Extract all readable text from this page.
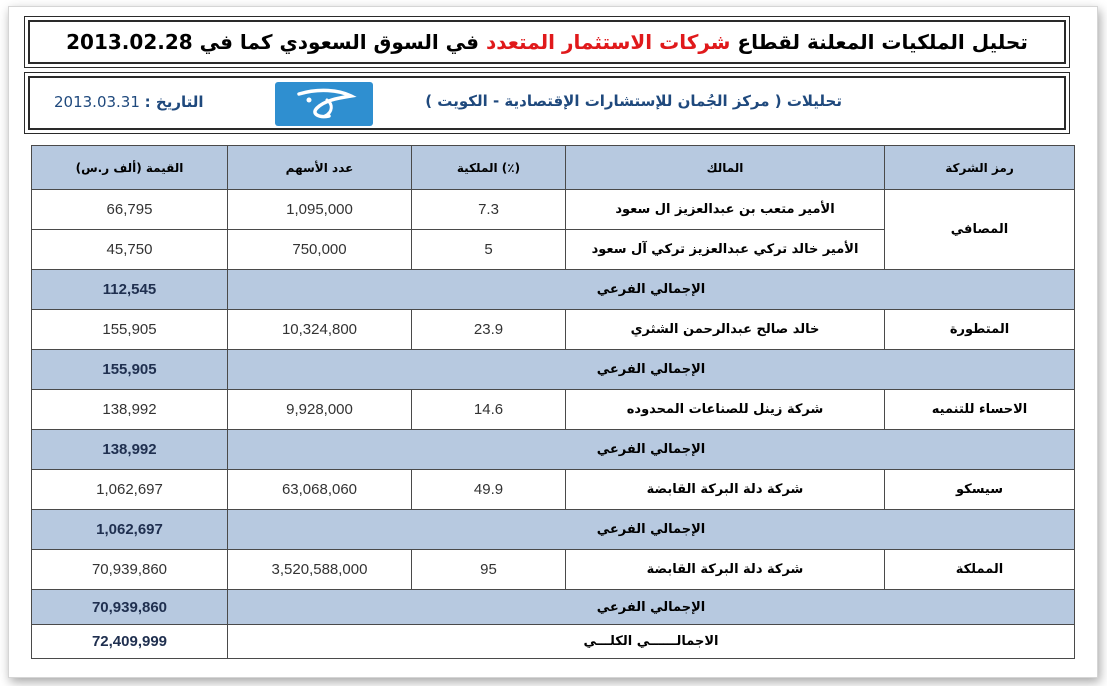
تحليل الملكيات المعلنة لقطاع شركات الاستثمار المتعدد في السوق السعودي كما في 2013.02.28
تحليلات ( مركز الجُمان للإستشارات الإقتصادية - الكويت )
التاريخ : 2013.03.31
القيمة (ألف ر.س)	عدد الأسهم	الملكية (٪)	المالك	رمز الشركة
66,795	1,095,000	7.3	الأمير متعب بن عبدالعزيز ال سعود	المصافي
45,750	750,000	5	الأمير خالد تركي عبدالعزيز تركي آل سعود	
112,545	الإجمالي الفرعي			
155,905	10,324,800	23.9	خالد صالح عبدالرحمن الشثري	المتطورة
155,905	الإجمالي الفرعي			
138,992	9,928,000	14.6	شركة زينل للصناعات المحدوده	الاحساء للتنميه
138,992	الإجمالي الفرعي			
1,062,697	63,068,060	49.9	شركة دلة البركة القابضة	سيسكو
1,062,697	الإجمالي الفرعي			
70,939,860	3,520,588,000	95	شركة دلة البركة القابضة	المملكة
70,939,860	الإجمالي الفرعي			
72,409,999	الاجمالــــــي الكلـــي			
